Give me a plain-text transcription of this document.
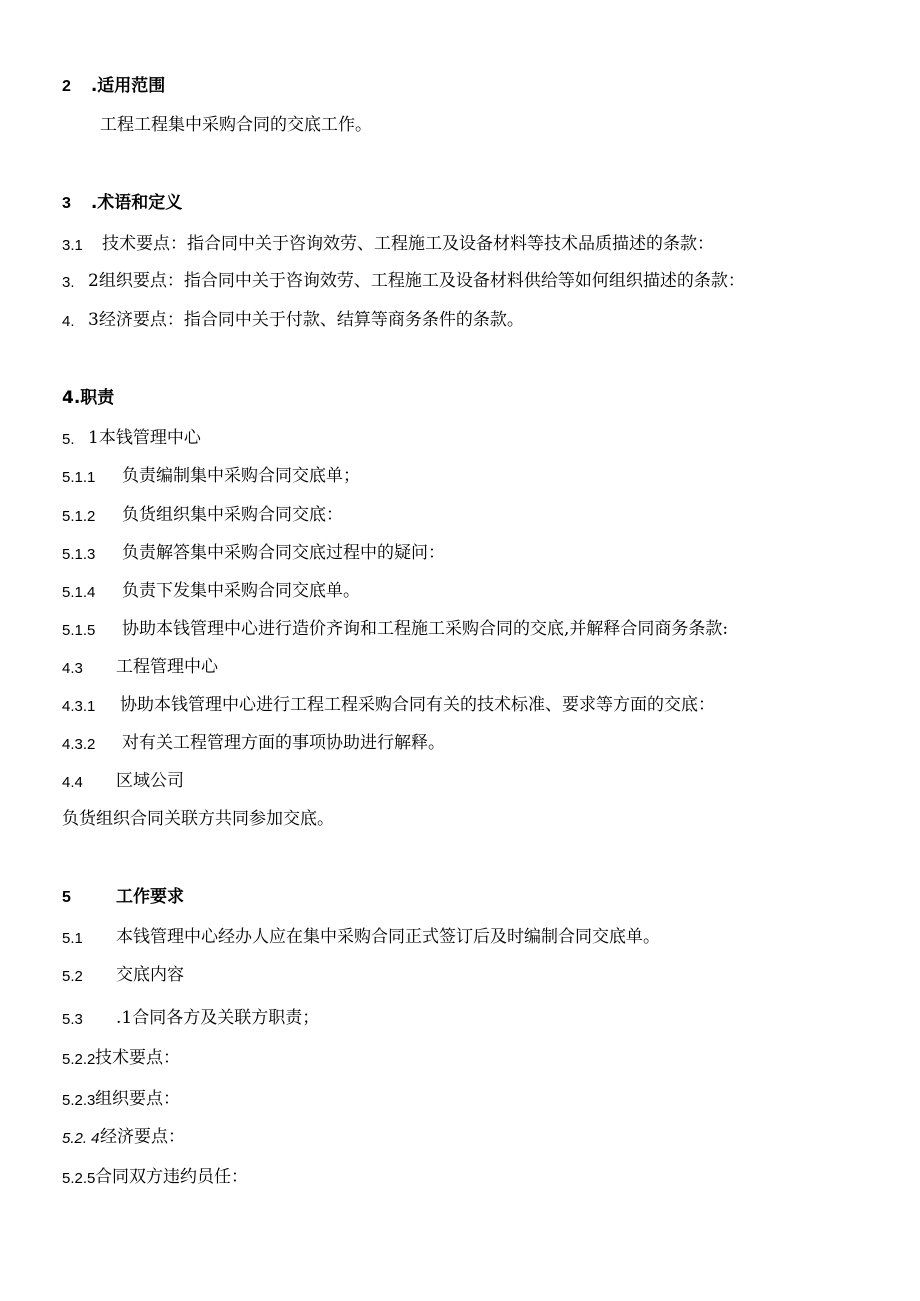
2 .适用范围
工程工程集中采购合同的交底工作。
3 .术语和定义
3.1 技术要点：指合同中关于咨询效劳、工程施工及设备材料等技术品质描述的条款：
3. 2组织要点：指合同中关于咨询效劳、工程施工及设备材料供给等如何组织描述的条款：
4. 3经济要点：指合同中关于付款、结算等商务条件的条款。
4.职责
5. 1本钱管理中心
5.1.1 负责编制集中采购合同交底单；
5.1.2 负货组织集中采购合同交底：
5.1.3 负责解答集中采购合同交底过程中的疑问：
5.1.4 负责下发集中采购合同交底单。
5.1.5 协助本钱管理中心进行造价齐询和工程施工采购合同的交底,并解释合同商务条款:
4.3 工程管理中心
4.3.1 协助本钱管理中心进行工程工程采购合同有关的技术标准、要求等方面的交底：
4.3.2 对有关工程管理方面的事项协助进行解释。
4.4 区域公司
负货组织合同关联方共同参加交底。
5	工作要求
5.1 本钱管理中心经办人应在集中采购合同正式签订后及时编制合同交底单。
5.2 交底内容
5.3 .1合同各方及关联方职责；
5.2.2 技术要点：
5.2.3 组织要点：
5.2. 4 经济要点：
5.2.5 合同双方违约员任：
